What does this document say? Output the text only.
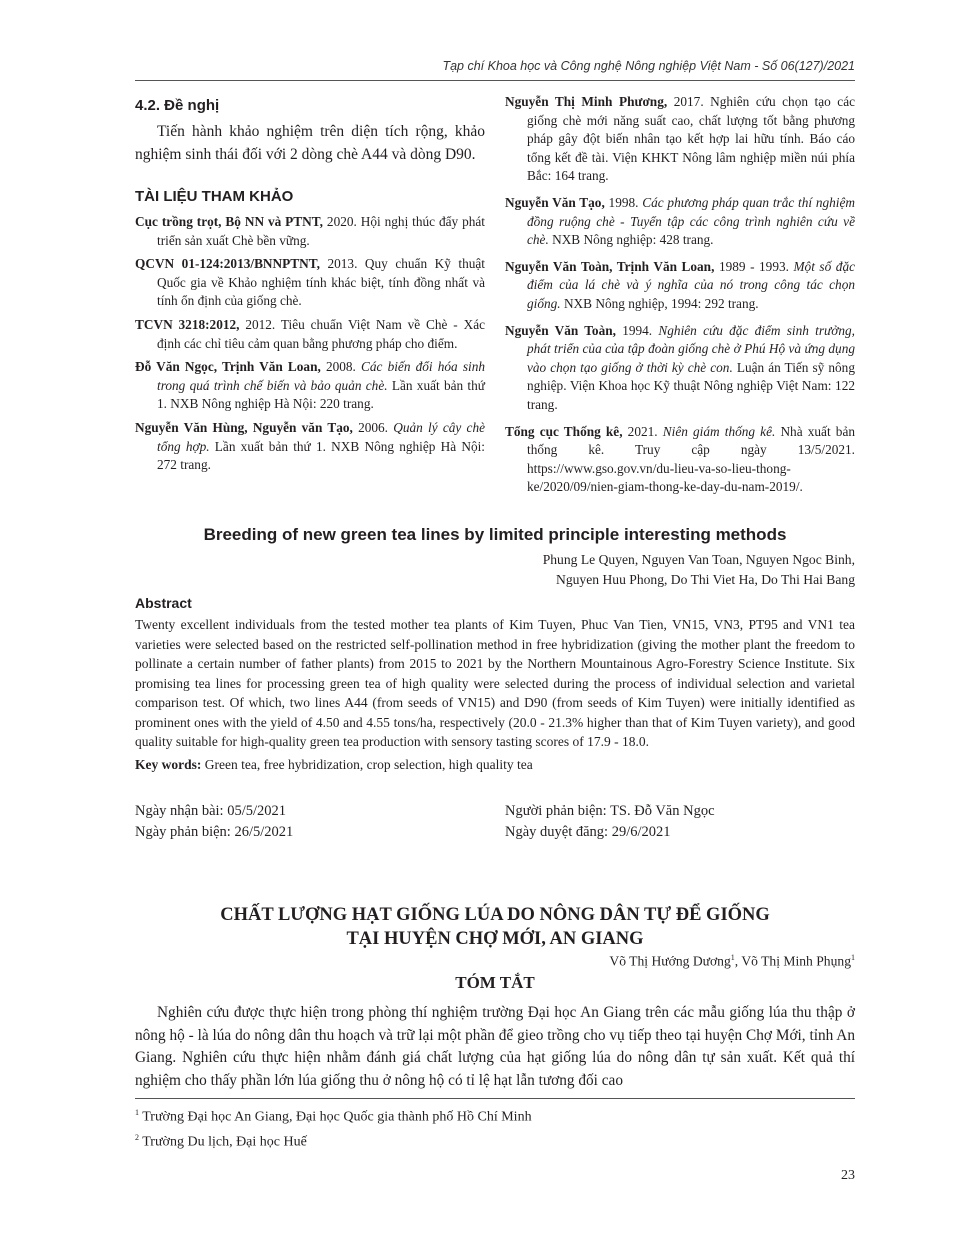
Tạp chí Khoa học và Công nghệ Nông nghiệp Việt Nam - Số 06(127)/2021
4.2. Đề nghị

Tiến hành khảo nghiệm trên diện tích rộng, khảo nghiệm sinh thái đối với 2 dòng chè A44 và dòng D90.

TÀI LIỆU THAM KHẢO

Cục trồng trọt, Bộ NN và PTNT, 2020. Hội nghị thúc đẩy phát triển sản xuất Chè bền vững.

QCVN 01-124:2013/BNNPTNT, 2013. Quy chuẩn Kỹ thuật Quốc gia về Khảo nghiệm tính khác biệt, tính đồng nhất và tính ổn định của giống chè.

TCVN 3218:2012, 2012. Tiêu chuẩn Việt Nam về Chè - Xác định các chỉ tiêu cảm quan bằng phương pháp cho điểm.

Đỗ Văn Ngọc, Trịnh Văn Loan, 2008. Các biến đổi hóa sinh trong quá trình chế biến và bảo quản chè. Lần xuất bản thứ 1. NXB Nông nghiệp Hà Nội: 220 trang.

Nguyễn Văn Hùng, Nguyễn văn Tạo, 2006. Quản lý cây chè tổng hợp. Lần xuất bản thứ 1. NXB Nông nghiệp Hà Nội: 272 trang.

Nguyễn Thị Minh Phương, 2017. Nghiên cứu chọn tạo các giống chè mới năng suất cao, chất lượng tốt bằng phương pháp gây đột biến nhân tạo kết hợp lai hữu tính. Báo cáo tổng kết đề tài. Viện KHKT Nông lâm nghiệp miền núi phía Bắc: 164 trang.

Nguyễn Văn Tạo, 1998. Các phương pháp quan trắc thí nghiệm đồng ruộng chè - Tuyển tập các công trình nghiên cứu về chè. NXB Nông nghiệp: 428 trang.

Nguyễn Văn Toàn, Trịnh Văn Loan, 1989 - 1993. Một số đặc điểm của lá chè và ý nghĩa của nó trong công tác chọn giống. NXB Nông nghiệp, 1994: 292 trang.

Nguyễn Văn Toàn, 1994. Nghiên cứu đặc điểm sinh trưởng, phát triển của của tập đoàn giống chè ở Phú Hộ và ứng dụng vào chọn tạo giống ở thời kỳ chè con. Luận án Tiến sỹ nông nghiệp. Viện Khoa học Kỹ thuật Nông nghiệp Việt Nam: 122 trang.

Tổng cục Thống kê, 2021. Niên giám thống kê. Nhà xuất bản thống kê. Truy cập ngày 13/5/2021. https://www.gso.gov.vn/du-lieu-va-so-lieu-thong-ke/2020/09/nien-giam-thong-ke-day-du-nam-2019/.

Breeding of new green tea lines by limited principle interesting methods
Phung Le Quyen, Nguyen Van Toan, Nguyen Ngoc Binh,
Nguyen Huu Phong, Do Thi Viet Ha, Do Thi Hai Bang
Abstract

Twenty excellent individuals from the tested mother tea plants of Kim Tuyen, Phuc Van Tien, VN15, VN3, PT95 and VN1 tea varieties were selected based on the restricted self-pollination method in free hybridization (giving the mother plant the freedom to pollinate a certain number of father plants) from 2015 to 2021 by the Northern Mountainous Agro-Forestry Science Institute. Six promising tea lines for processing green tea of high quality were selected during the process of individual selection and varietal comparison test. Of which, two lines A44 (from seeds of VN15) and D90 (from seeds of Kim Tuyen) were initially identified as prominent ones with the yield of 4.50 and 4.55 tons/ha, respectively (20.0 - 21.3% higher than that of Kim Tuyen variety), and good quality suitable for high-quality green tea production with sensory tasting scores of 17.9 - 18.0.

Key words: Green tea, free hybridization, crop selection, high quality tea

Ngày nhận bài: 05/5/2021
Ngày phản biện: 26/5/2021
Người phản biện: TS. Đỗ Văn Ngọc
Ngày duyệt đăng: 29/6/2021
CHẤT LƯỢNG HẠT GIỐNG LÚA DO NÔNG DÂN TỰ ĐỂ GIỐNG
TẠI HUYỆN CHỢ MỚI, AN GIANG
Võ Thị Hướng Dương$^1$, Võ Thị Minh Phụng$^1$
TÓM TẮT

Nghiên cứu được thực hiện trong phòng thí nghiệm trường Đại học An Giang trên các mẫu giống lúa thu thập ở nông hộ - là lúa do nông dân thu hoạch và trữ lại một phần để gieo trồng cho vụ tiếp theo tại huyện Chợ Mới, tỉnh An Giang. Nghiên cứu thực hiện nhằm đánh giá chất lượng của hạt giống lúa do nông dân tự sản xuất. Kết quả thí nghiệm cho thấy phần lớn lúa giống thu ở nông hộ có tỉ lệ hạt lẫn tương đối cao

$^1$ Trường Đại học An Giang, Đại học Quốc gia thành phố Hồ Chí Minh
$^2$ Trường Du lịch, Đại học Huế
23
